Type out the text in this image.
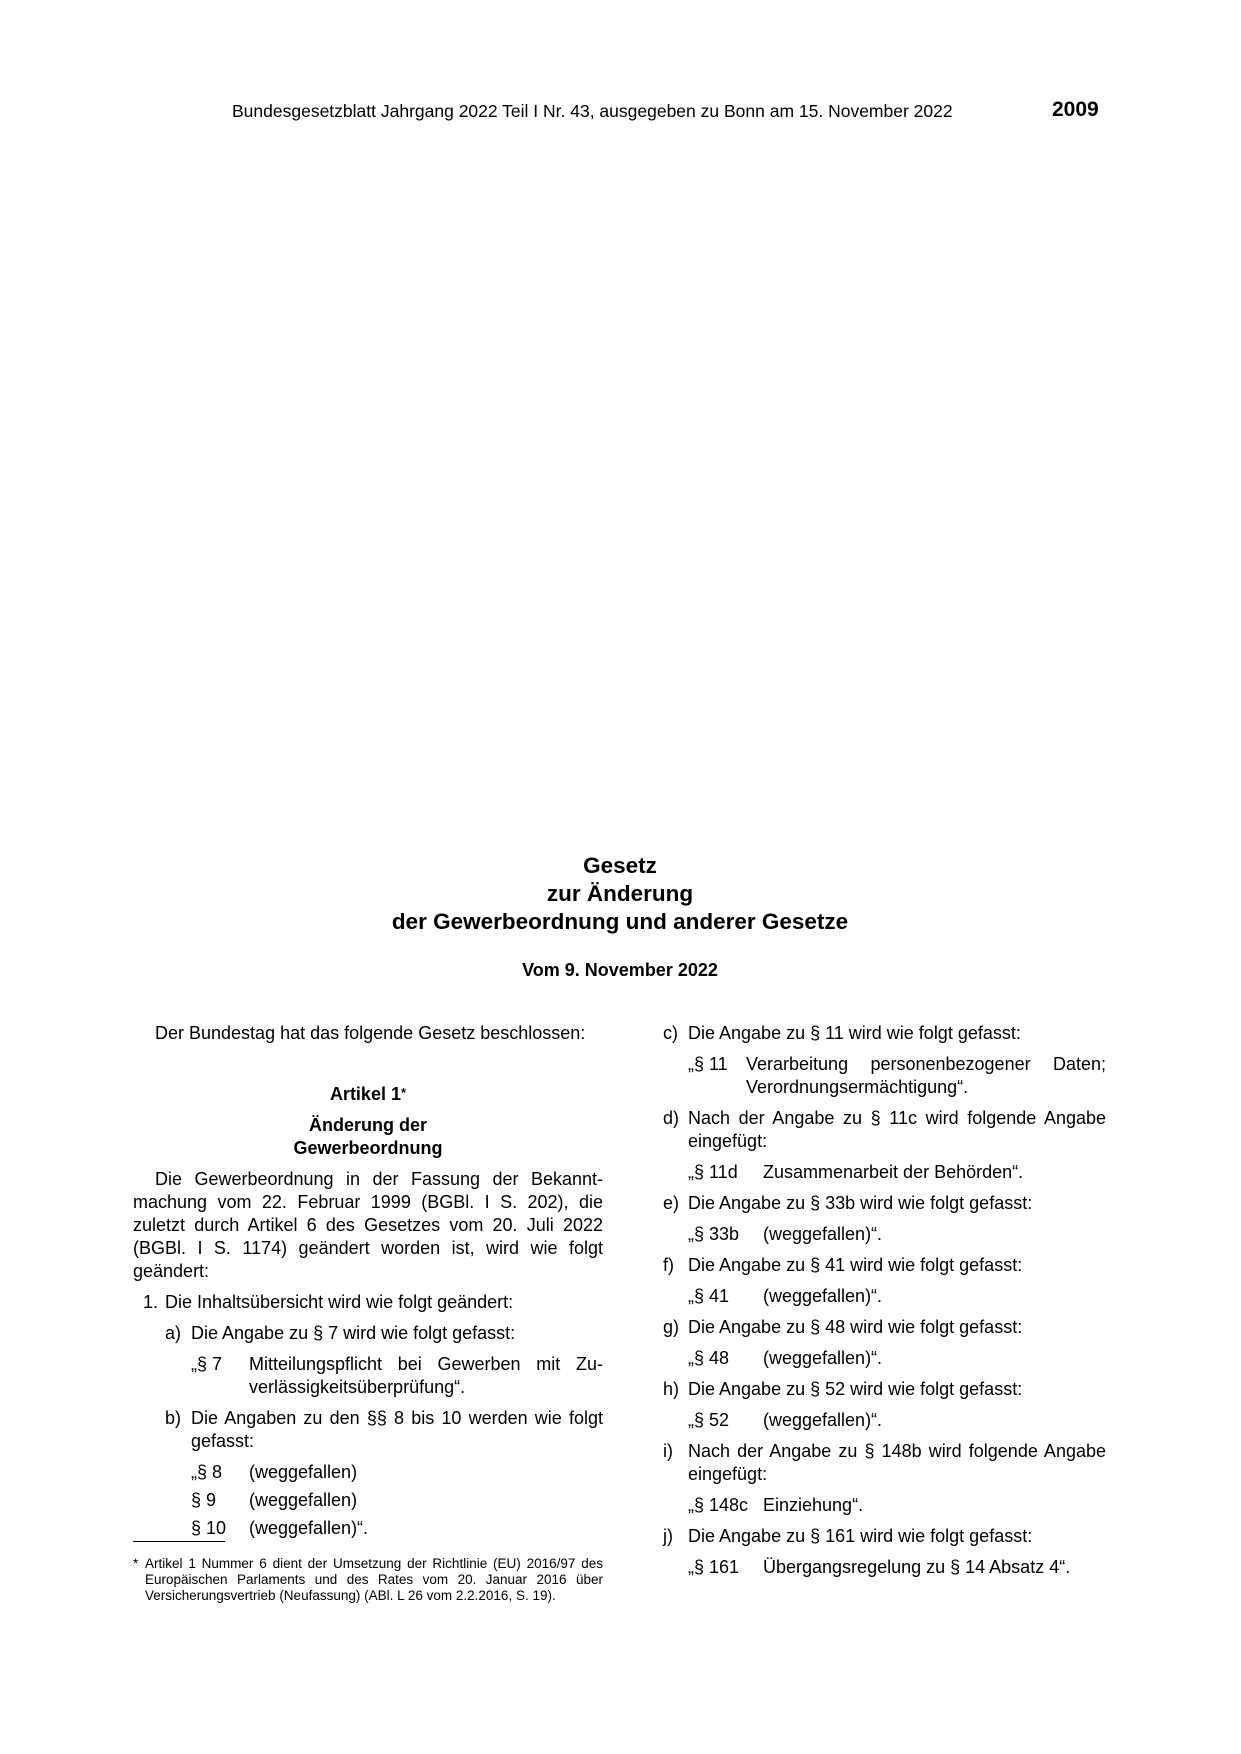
Bundesgesetzblatt Jahrgang 2022 Teil I Nr. 43, ausgegeben zu Bonn am 15. November 2022	2009
Gesetz
zur Änderung
der Gewerbeordnung und anderer Gesetze
Vom 9. November 2022

Der Bundestag hat das folgende Gesetz beschlossen:

Artikel 1*

Änderung der

Gewerbeordnung

Die Gewerbeordnung in der Fassung der Bekanntmachung vom 22. Februar 1999 (BGBl. I S. 202), die zuletzt durch Artikel 6 des Gesetzes vom 20. Juli 2022 (BGBl. I S. 1174) geändert worden ist, wird wie folgt geändert:

1. Die Inhaltsübersicht wird wie folgt geändert:

a) Die Angabe zu § 7 wird wie folgt gefasst:

„§ 7	Mitteilungspflicht bei Gewerben mit Zuverlässigkeitsüberprüfung“.

b) Die Angaben zu den §§ 8 bis 10 werden wie folgt gefasst:

„§ 8	(weggefallen)
§ 9	(weggefallen)
§ 10	(weggefallen)“.

c) Die Angabe zu § 11 wird wie folgt gefasst:

„§ 11	Verarbeitung personenbezogener Daten; Verordnungsermächtigung“.

d) Nach der Angabe zu § 11c wird folgende Angabe eingefügt:

„§ 11d	Zusammenarbeit der Behörden“.

e) Die Angabe zu § 33b wird wie folgt gefasst:

„§ 33b	(weggefallen)“.

f) Die Angabe zu § 41 wird wie folgt gefasst:

„§ 41	(weggefallen)“.

g) Die Angabe zu § 48 wird wie folgt gefasst:

„§ 48	(weggefallen)“.

h) Die Angabe zu § 52 wird wie folgt gefasst:

„§ 52	(weggefallen)“.

i) Nach der Angabe zu § 148b wird folgende Angabe eingefügt:

„§ 148c Einziehung“.

j) Die Angabe zu § 161 wird wie folgt gefasst:

„§ 161	Übergangsregelung zu § 14 Absatz 4“.
* Artikel 1 Nummer 6 dient der Umsetzung der Richtlinie (EU) 2016/97 des Europäischen Parlaments und des Rates vom 20. Januar 2016 über Versicherungsvertrieb (Neufassung) (ABl. L 26 vom 2.2.2016, S. 19).
